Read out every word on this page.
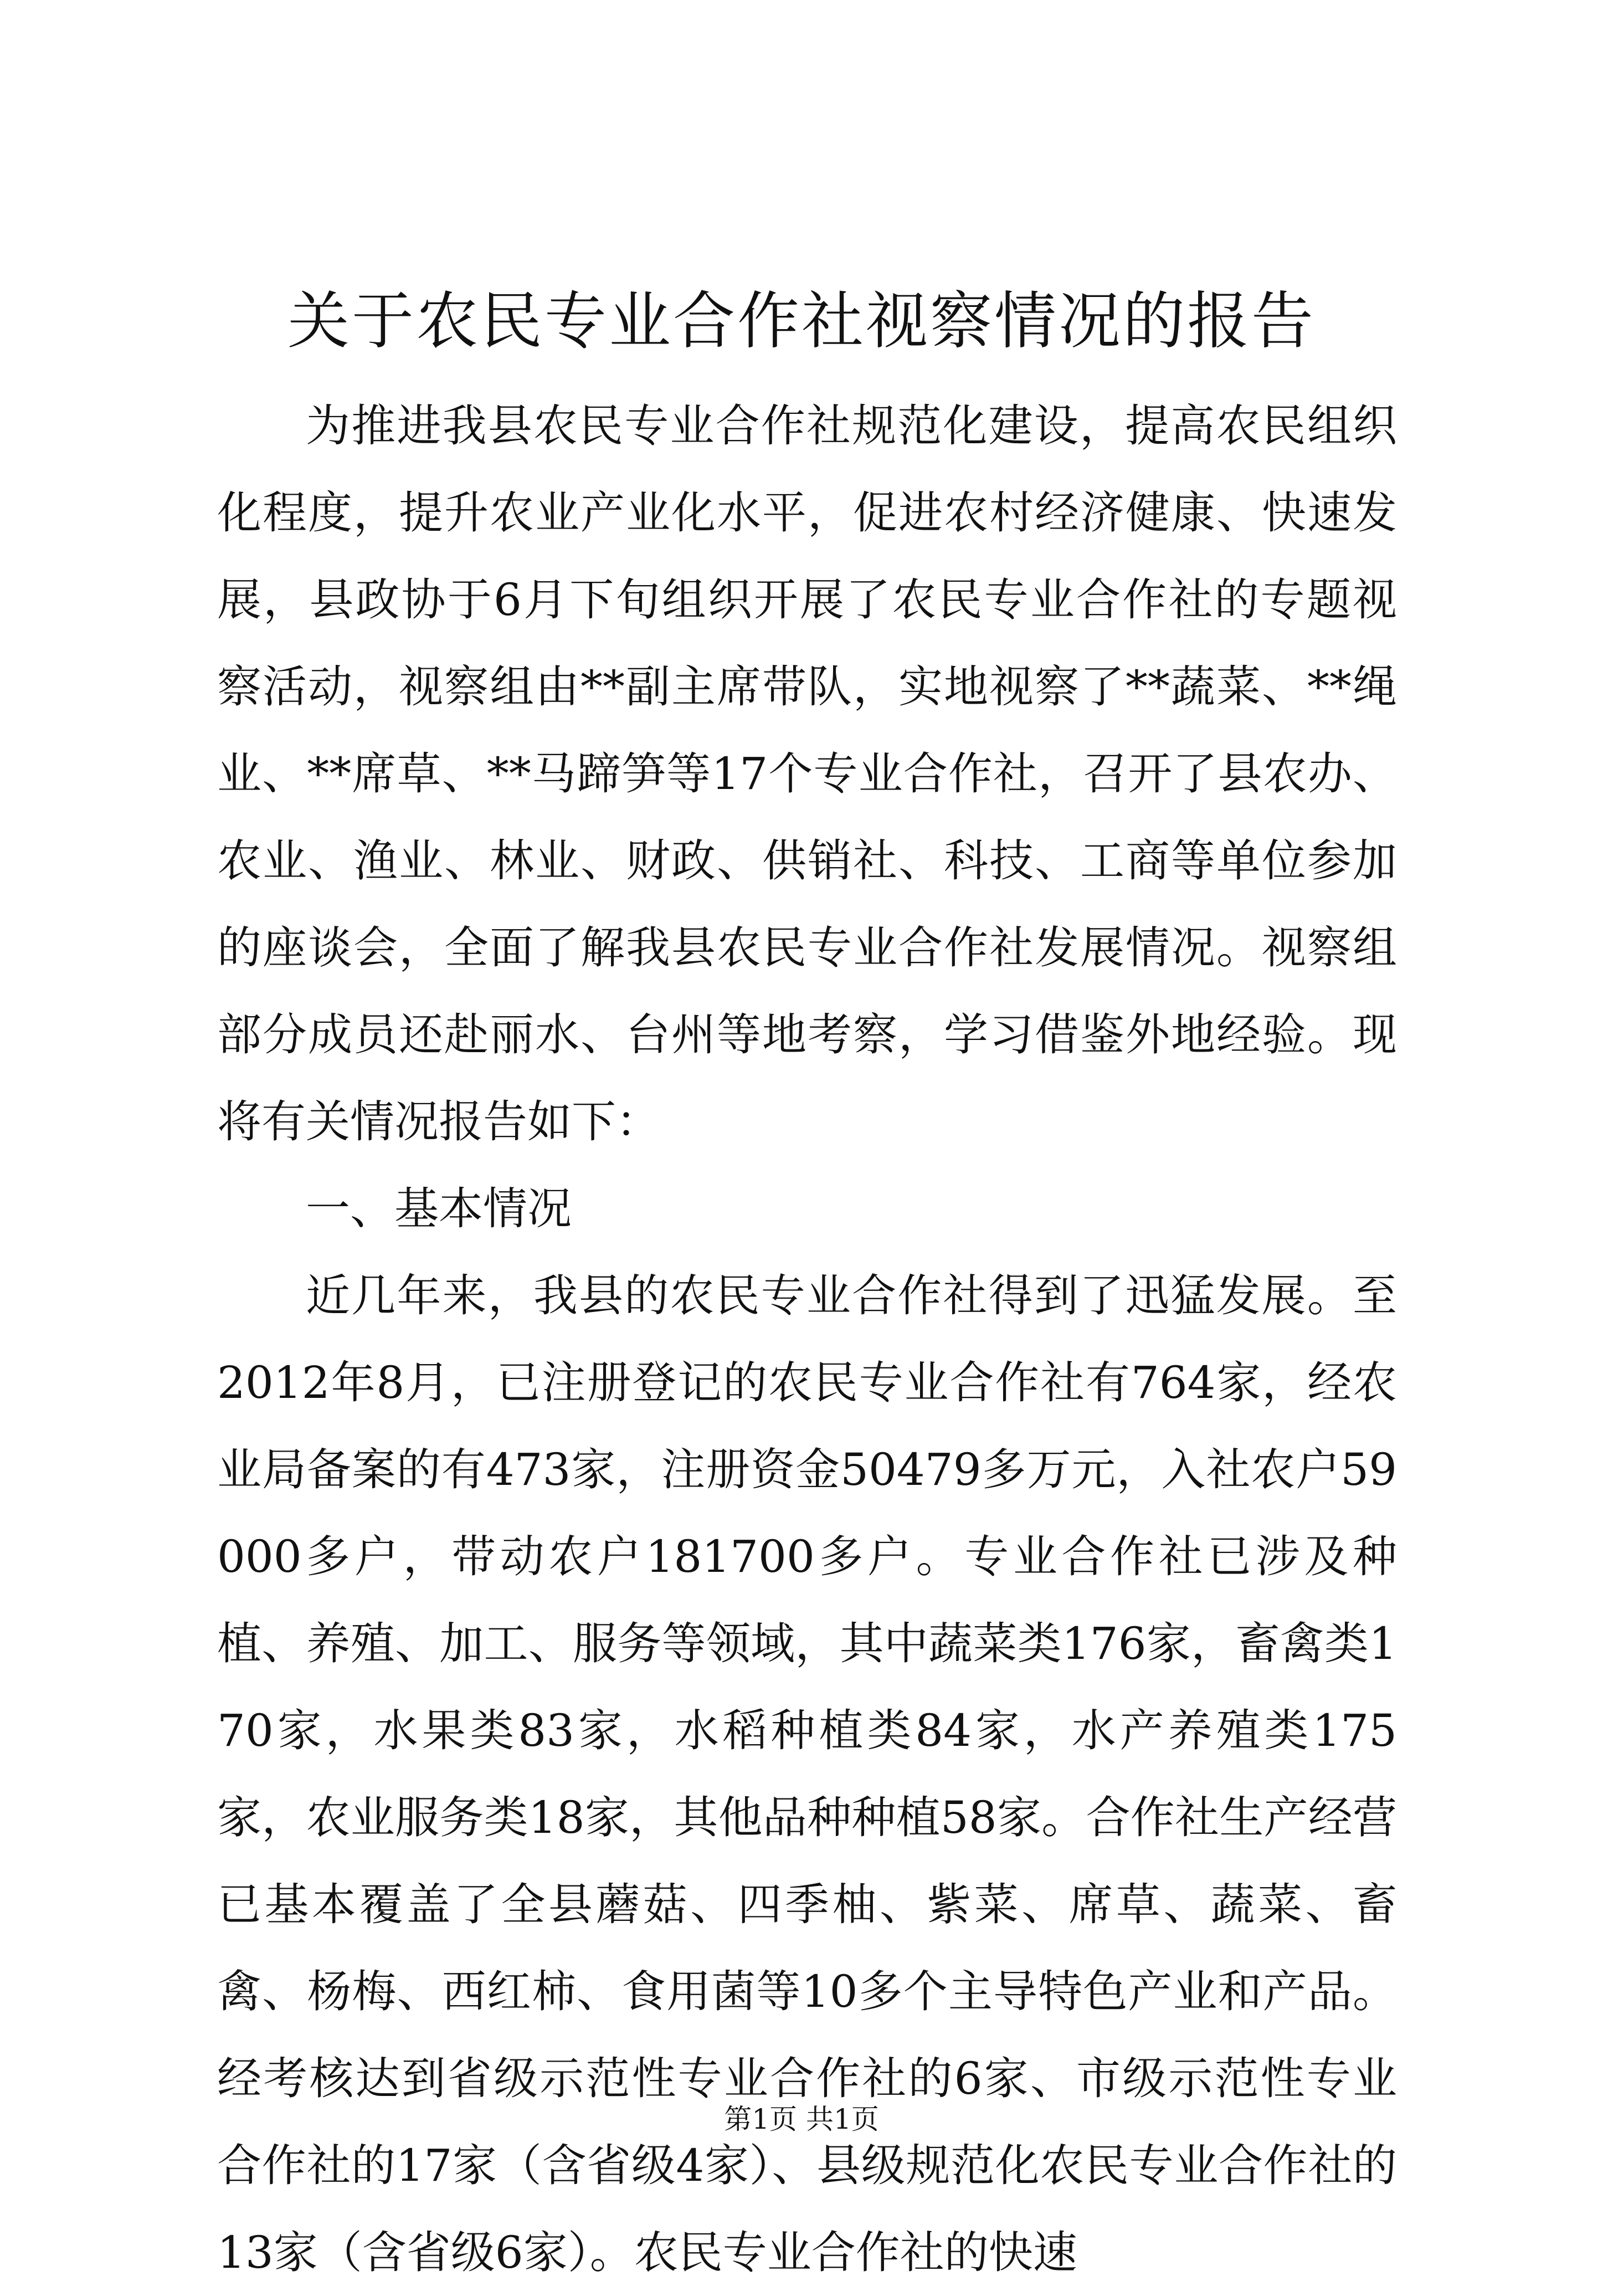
关于农民专业合作社视察情况的报告

为推进我县农民专业合作社规范化建设，提高农民组织化程度，提升农业产业化水平，促进农村经济健康、快速发展，县政协于6月下旬组织开展了农民专业合作社的专题视察活动，视察组由**副主席带队，实地视察了**蔬菜、**绳业、**席草、**马蹄笋等17个专业合作社，召开了县农办、农业、渔业、林业、财政、供销社、科技、工商等单位参加的座谈会，全面了解我县农民专业合作社发展情况。视察组部分成员还赴丽水、台州等地考察，学习借鉴外地经验。现将有关情况报告如下：

一、基本情况

近几年来，我县的农民专业合作社得到了迅猛发展。至2012年8月，已注册登记的农民专业合作社有764家，经农业局备案的有473家，注册资金50479多万元，入社农户59000多户，带动农户181700多户。专业合作社已涉及种植、养殖、加工、服务等领域，其中蔬菜类176家，畜禽类170家，水果类83家，水稻种植类84家，水产养殖类175家，农业服务类18家，其他品种种植58家。合作社生产经营已基本覆盖了全县蘑菇、四季柚、紫菜、席草、蔬菜、畜禽、杨梅、西红柿、食用菌等10多个主导特色产业和产品。经考核达到省级示范性专业合作社的6家、市级示范性专业合作社的17家（含省级4家）、县级规范化农民专业合作社的13家（含省级6家）。农民专业合作社的快速

第1页 共1页
